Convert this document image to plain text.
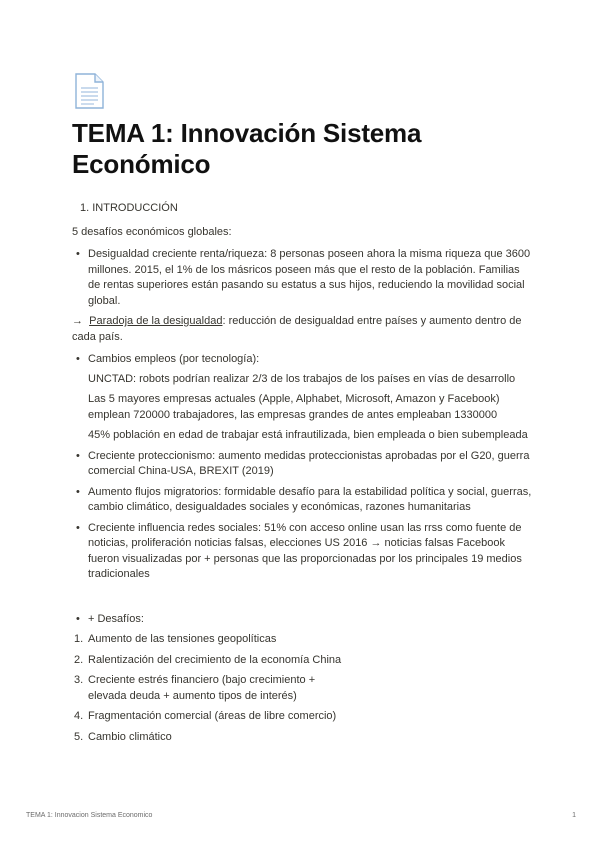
TEMA 1: Innovación Sistema Económico

1. INTRODUCCIÓN

5 desafíos económicos globales:

• Desigualdad creciente renta/riqueza: 8 personas poseen ahora la misma riqueza que 3600 millones. 2015, el 1% de los másricos poseen más que el resto de la población. Familias de rentas superiores están pasando su estatus a sus hijos, reduciendo la movilidad social global.

→ Paradoja de la desigualdad: reducción de desigualdad entre países y aumento dentro de cada país.

• Cambios empleos (por tecnología):

UNCTAD: robots podrían realizar 2/3 de los trabajos de los países en vías de desarrollo

Las 5 mayores empresas actuales (Apple, Alphabet, Microsoft, Amazon y Facebook) emplean 720000 trabajadores, las empresas grandes de antes empleaban 1330000

45% población en edad de trabajar está infrautilizada, bien empleada o bien subempleada

• Creciente proteccionismo: aumento medidas proteccionistas aprobadas por el G20, guerra comercial China-USA, BREXIT (2019)
• Aumento flujos migratorios: formidable desafío para la estabilidad política y social, guerras, cambio climático, desigualdades sociales y económicas, razones humanitarias
• Creciente influencia redes sociales: 51% con acceso online usan las rrss como fuente de noticias, proliferación noticias falsas, elecciones US 2016 → noticias falsas Facebook fueron visualizadas por + personas que las proporcionadas por los principales 19 medios tradicionales
• + Desafíos:
1. Aumento de las tensiones geopolíticas
2. Ralentización del crecimiento de la economía China
3. Creciente estrés financiero (bajo crecimiento + elevada deuda + aumento tipos de interés)
4. Fragmentación comercial (áreas de libre comercio)
5. Cambio climático
TEMA 1: Innovacion Sistema Economico	1
